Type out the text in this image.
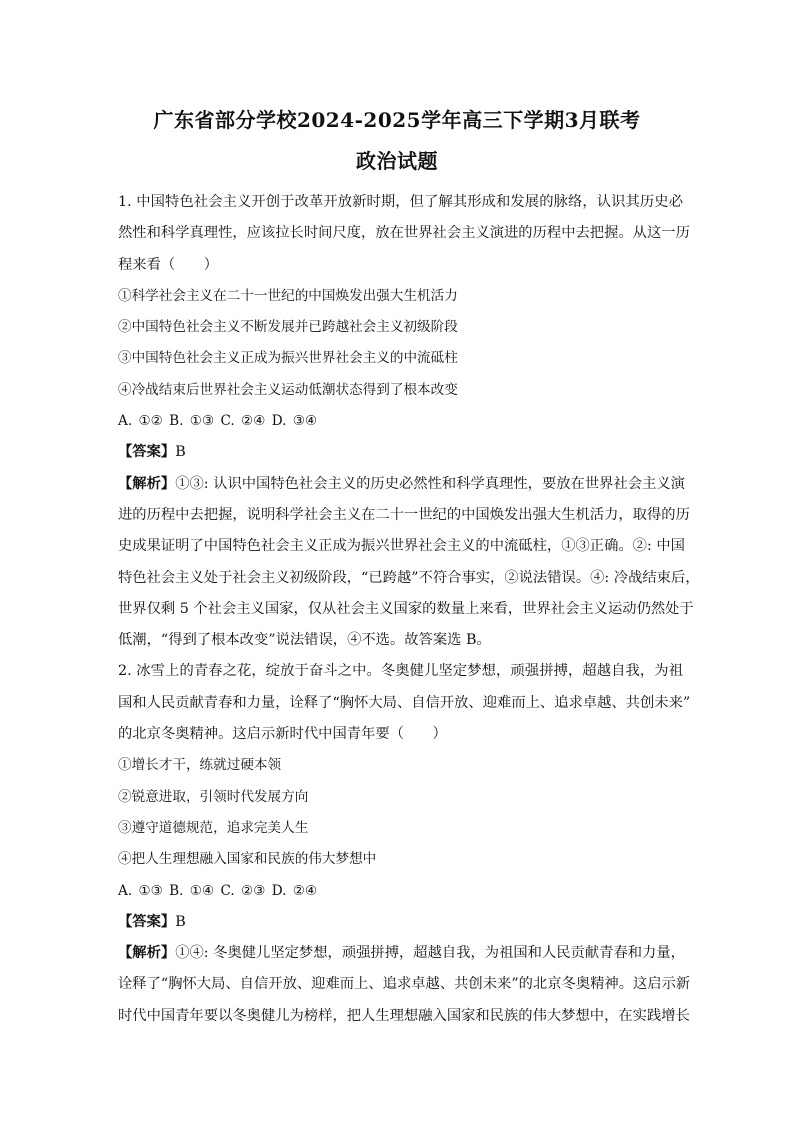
广东省部分学校2024-2025学年高三下学期3月联考
政治试题
1. 中国特色社会主义开创于改革开放新时期，但了解其形成和发展的脉络，认识其历史必
然性和科学真理性，应该拉长时间尺度，放在世界社会主义演进的历程中去把握。从这一历
程来看（　　）
①科学社会主义在二十一世纪的中国焕发出强大生机活力
②中国特色社会主义不断发展并已跨越社会主义初级阶段
③中国特色社会主义正成为振兴世界社会主义的中流砥柱
④冷战结束后世界社会主义运动低潮状态得到了根本改变
A. ①② B. ①③ C. ②④ D. ③④
【答案】B
【解析】①③: 认识中国特色社会主义的历史必然性和科学真理性，要放在世界社会主义演
进的历程中去把握，说明科学社会主义在二十一世纪的中国焕发出强大生机活力，取得的历
史成果证明了中国特色社会主义正成为振兴世界社会主义的中流砥柱，①③正确。②: 中国
特色社会主义处于社会主义初级阶段，“已跨越”不符合事实，②说法错误。④: 冷战结束后，
世界仅剩 5 个社会主义国家，仅从社会主义国家的数量上来看，世界社会主义运动仍然处于
低潮，“得到了根本改变”说法错误，④不选。故答案选 B。
2. 冰雪上的青春之花，绽放于奋斗之中。冬奥健儿坚定梦想，顽强拼搏，超越自我，为祖
国和人民贡献青春和力量，诠释了“胸怀大局、自信开放、迎难而上、追求卓越、共创未来”
的北京冬奥精神。这启示新时代中国青年要（　　）
①增长才干，练就过硬本领
②锐意进取，引领时代发展方向
③遵守道德规范，追求完美人生
④把人生理想融入国家和民族的伟大梦想中
A. ①③ B. ①④ C. ②③ D. ②④
【答案】B
【解析】①④: 冬奥健儿坚定梦想，顽强拼搏，超越自我，为祖国和人民贡献青春和力量，
诠释了“胸怀大局、自信开放、迎难而上、追求卓越、共创未来”的北京冬奥精神。这启示新
时代中国青年要以冬奥健儿为榜样，把人生理想融入国家和民族的伟大梦想中，在实践增长
